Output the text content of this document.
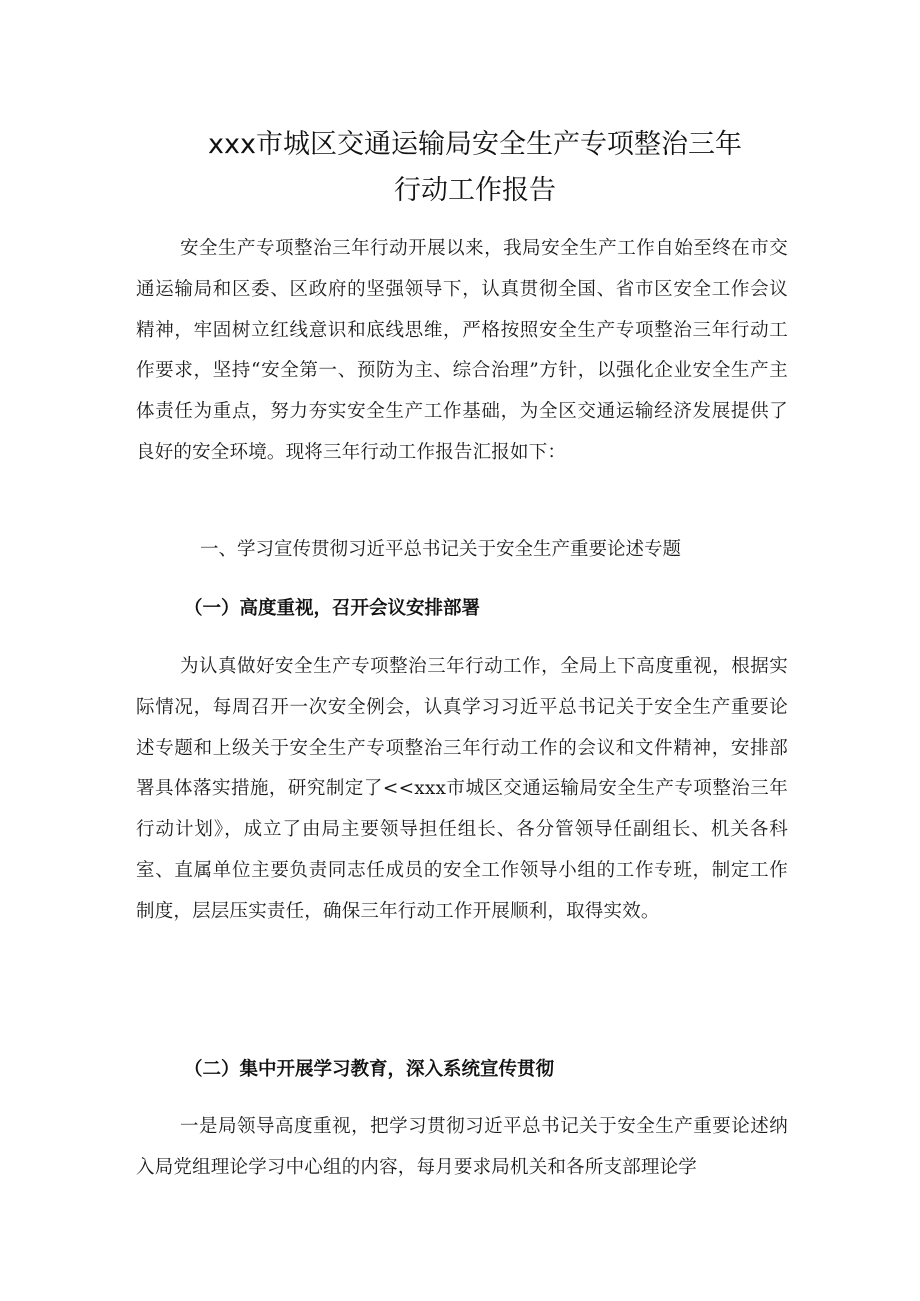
xxx市城区交通运输局安全生产专项整治三年
行动工作报告

安全生产专项整治三年行动开展以来，我局安全生产工作自始至终在市交通运输局和区委、区政府的坚强领导下，认真贯彻全国、省市区安全工作会议精神，牢固树立红线意识和底线思维，严格按照安全生产专项整治三年行动工作要求，坚持“安全第一、预防为主、综合治理”方针，以强化企业安全生产主体责任为重点，努力夯实安全生产工作基础，为全区交通运输经济发展提供了良好的安全环境。现将三年行动工作报告汇报如下：

一、学习宣传贯彻习近平总书记关于安全生产重要论述专题

（一）高度重视，召开会议安排部署

为认真做好安全生产专项整治三年行动工作，全局上下高度重视，根据实际情况，每周召开一次安全例会，认真学习习近平总书记关于安全生产重要论述专题和上级关于安全生产专项整治三年行动工作的会议和文件精神，安排部署具体落实措施，研究制定了<<xxx市城区交通运输局安全生产专项整治三年行动计划》，成立了由局主要领导担任组长、各分管领导任副组长、机关各科室、直属单位主要负责同志任成员的安全工作领导小组的工作专班，制定工作制度，层层压实责任，确保三年行动工作开展顺利，取得实效。

（二）集中开展学习教育，深入系统宣传贯彻

一是局领导高度重视，把学习贯彻习近平总书记关于安全生产重要论述纳入局党组理论学习中心组的内容，每月要求局机关和各所支部理论学
